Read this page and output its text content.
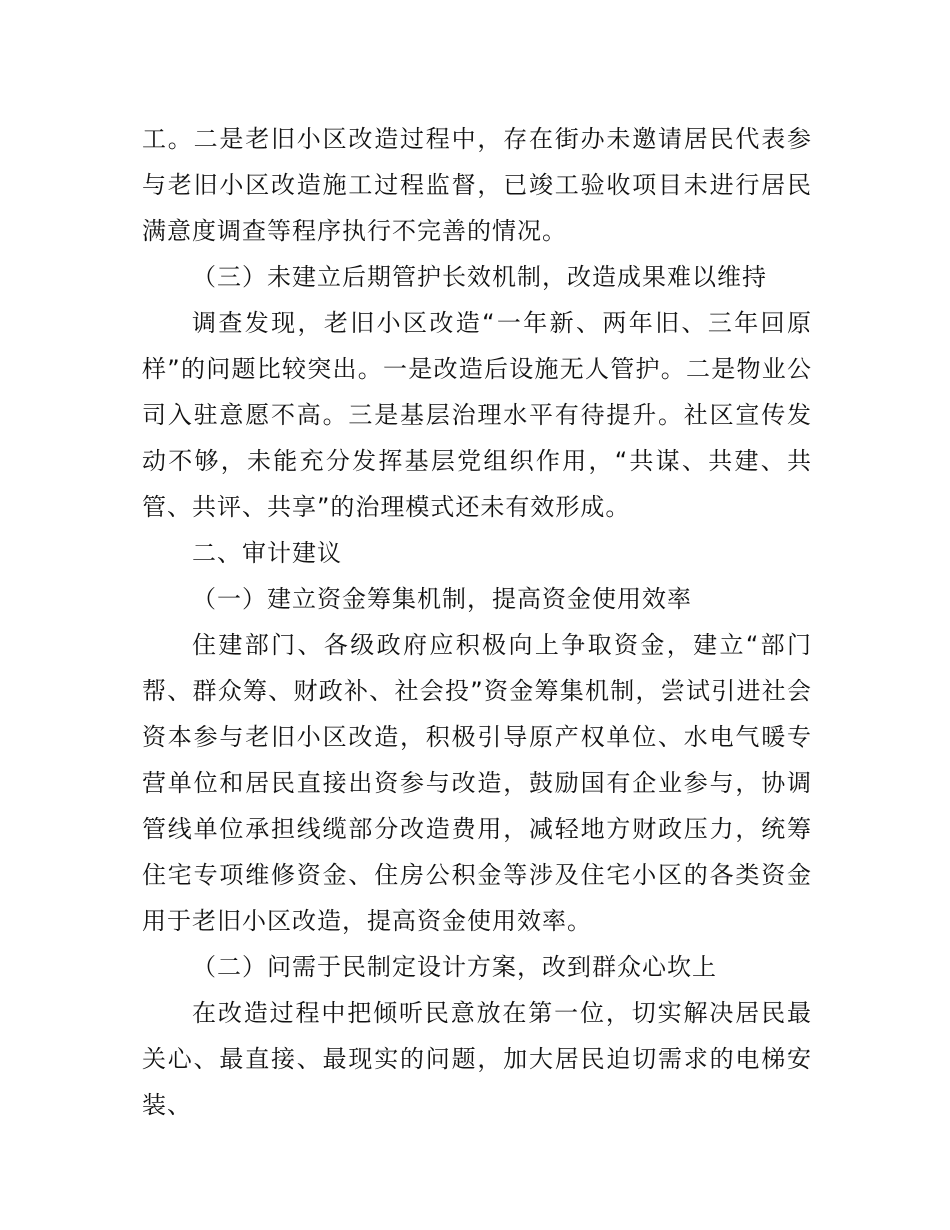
工。二是老旧小区改造过程中，存在街办未邀请居民代表参与老旧小区改造施工过程监督，已竣工验收项目未进行居民满意度调查等程序执行不完善的情况。

（三）未建立后期管护长效机制，改造成果难以维持

调查发现，老旧小区改造“一年新、两年旧、三年回原样”的问题比较突出。一是改造后设施无人管护。二是物业公司入驻意愿不高。三是基层治理水平有待提升。社区宣传发动不够，未能充分发挥基层党组织作用，“共谋、共建、共管、共评、共享”的治理模式还未有效形成。

二、审计建议

（一）建立资金筹集机制，提高资金使用效率

住建部门、各级政府应积极向上争取资金，建立“部门帮、群众筹、财政补、社会投”资金筹集机制，尝试引进社会资本参与老旧小区改造，积极引导原产权单位、水电气暖专营单位和居民直接出资参与改造，鼓励国有企业参与，协调管线单位承担线缆部分改造费用，减轻地方财政压力，统筹住宅专项维修资金、住房公积金等涉及住宅小区的各类资金用于老旧小区改造，提高资金使用效率。

（二）问需于民制定设计方案，改到群众心坎上

在改造过程中把倾听民意放在第一位，切实解决居民最关心、最直接、最现实的问题，加大居民迫切需求的电梯安装、
